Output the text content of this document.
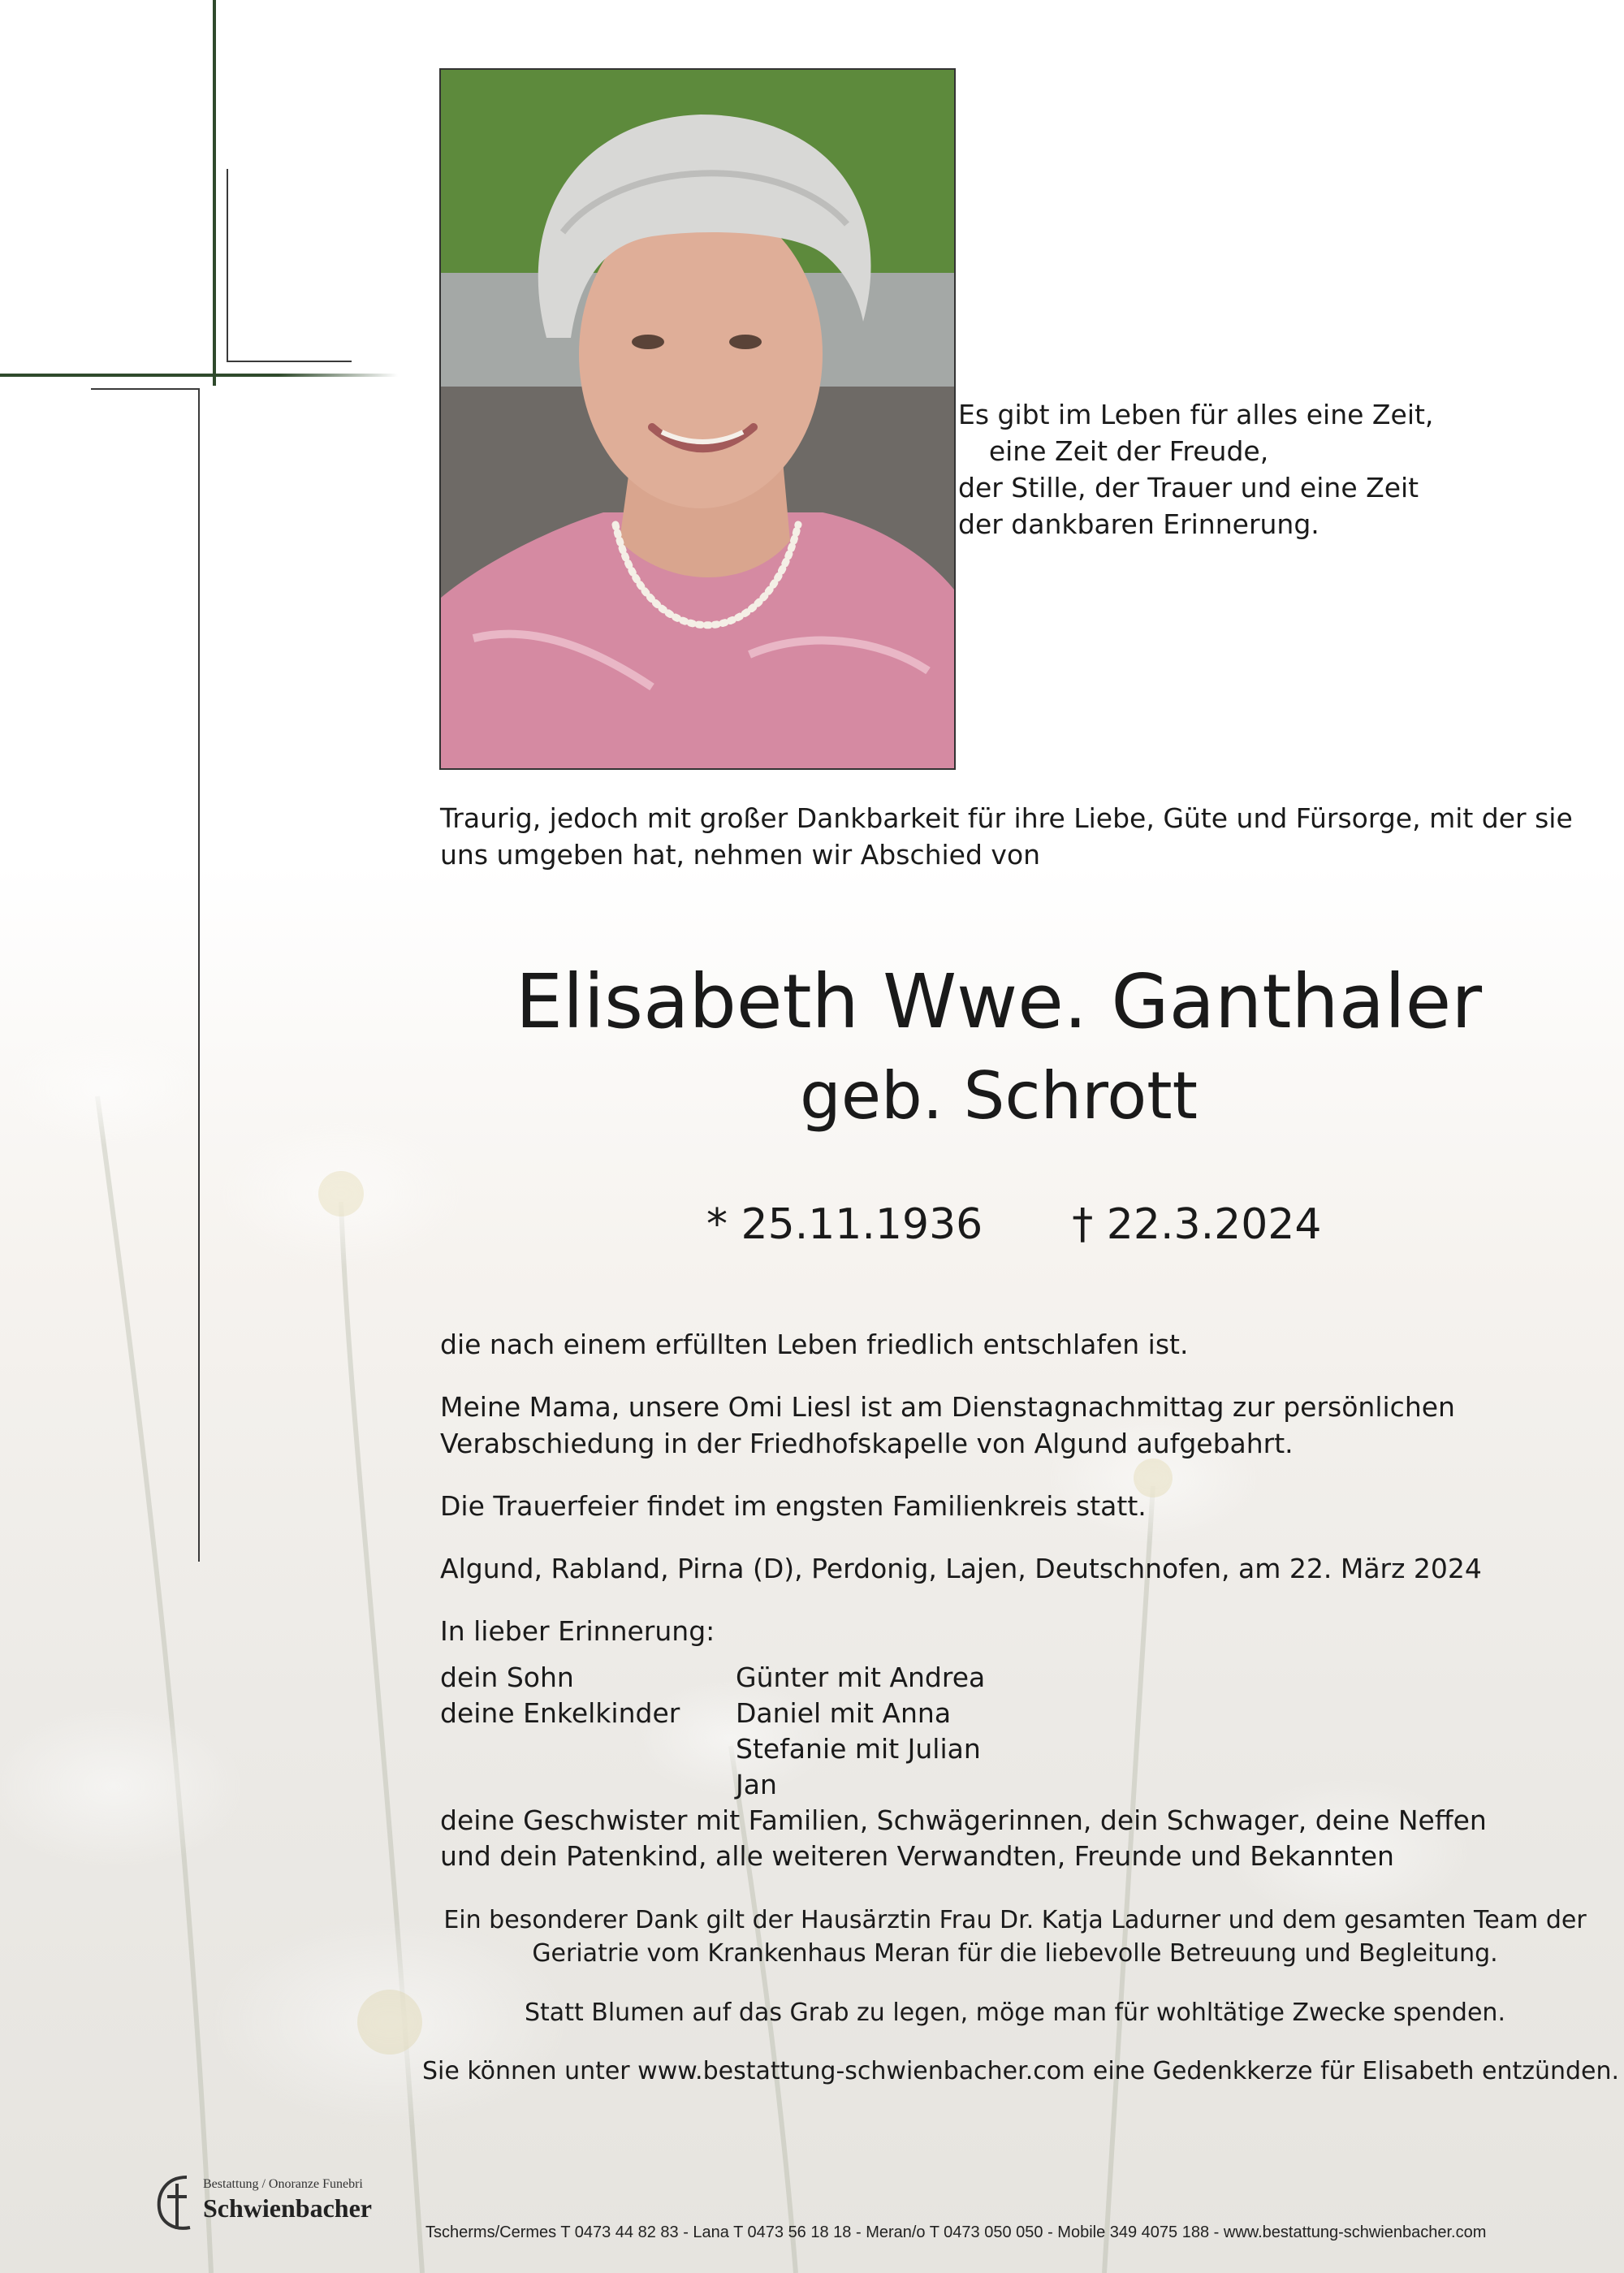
Es gibt im Leben für alles eine Zeit,
eine Zeit der Freude,
der Stille, der Trauer und eine Zeit
der dankbaren Erinnerung.
Traurig, jedoch mit großer Dankbarkeit für ihre Liebe, Güte und Fürsorge, mit der sie
uns umgeben hat, nehmen wir Abschied von
Elisabeth Wwe. Ganthaler
geb. Schrott
* 25.11.1936 † 22.3.2024
die nach einem erfüllten Leben friedlich entschlafen ist.
Meine Mama, unsere Omi Liesl ist am Dienstagnachmittag zur persönlichen
Verabschiedung in der Friedhofskapelle von Algund aufgebahrt.
Die Trauerfeier findet im engsten Familienkreis statt.
Algund, Rabland, Pirna (D), Perdonig, Lajen, Deutschnofen, am 22. März 2024
In lieber Erinnerung:
dein Sohn	Günter mit Andrea
deine Enkelkinder Daniel mit Anna
Stefanie mit Julian
Jan
deine Geschwister mit Familien, Schwägerinnen, dein Schwager, deine Neffen
und dein Patenkind, alle weiteren Verwandten, Freunde und Bekannten
Ein besonderer Dank gilt der Hausärztin Frau Dr. Katja Ladurner und dem gesamten Team der
Geriatrie vom Krankenhaus Meran für die liebevolle Betreuung und Begleitung.
Statt Blumen auf das Grab zu legen, möge man für wohltätige Zwecke spenden.
Sie können unter www.bestattung-schwienbacher.com eine Gedenkkerze für Elisabeth entzünden.
Bestattung / Onoranze Funebri
Schwienbacher
Tscherms/Cermes T 0473 44 82 83 - Lana T 0473 56 18 18 - Meran/o T 0473 050 050 - Mobile 349 4075 188 - www.bestattung-schwienbacher.com
